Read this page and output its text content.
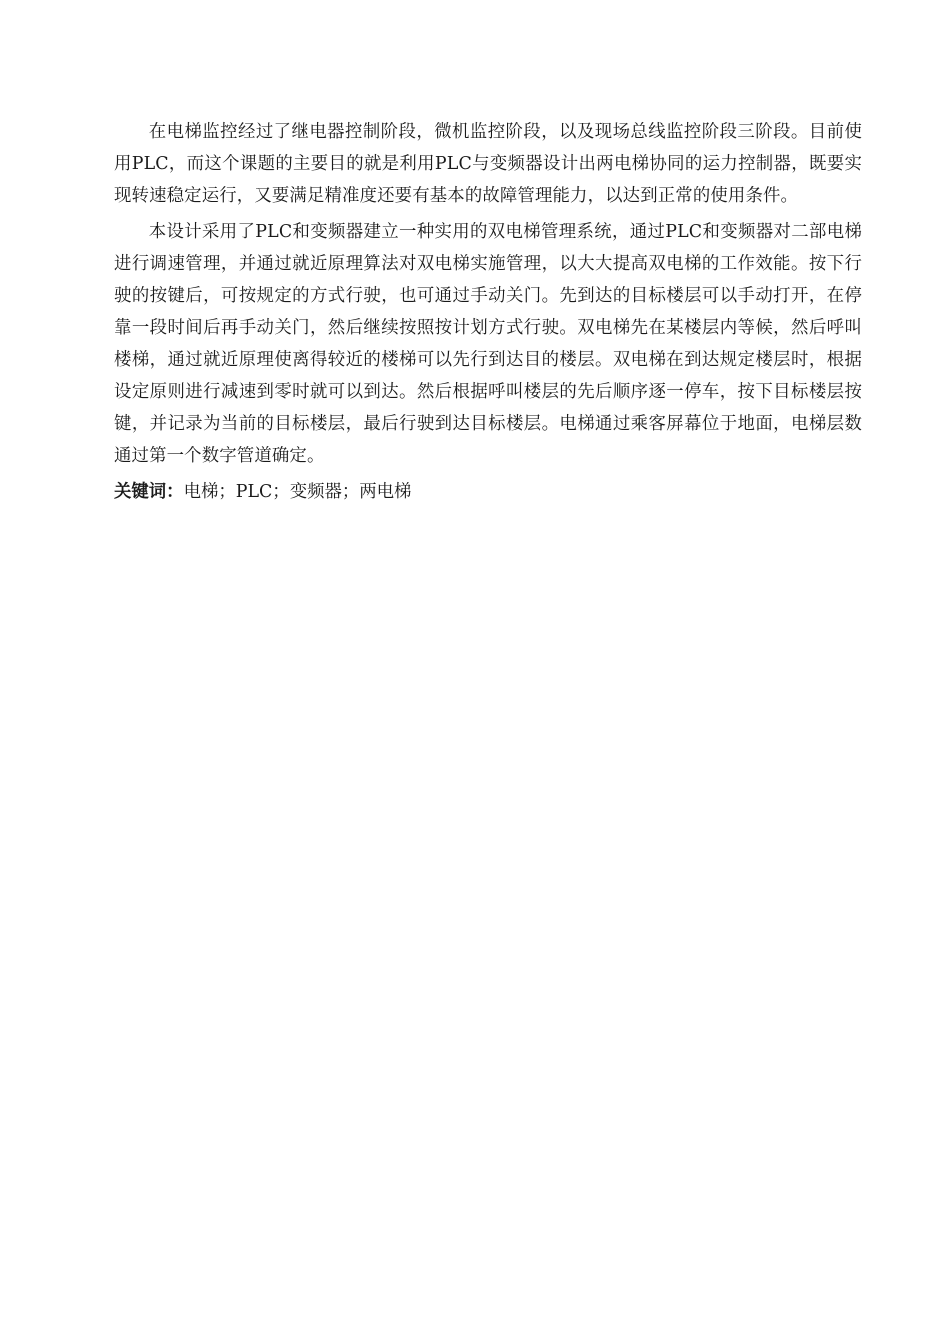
在电梯监控经过了继电器控制阶段，微机监控阶段，以及现场总线监控阶段三阶段。目前使用PLC，而这个课题的主要目的就是利用PLC与变频器设计出两电梯协同的运力控制器，既要实现转速稳定运行，又要满足精准度还要有基本的故障管理能力，以达到正常的使用条件。

本设计采用了PLC和变频器建立一种实用的双电梯管理系统，通过PLC和变频器对二部电梯进行调速管理，并通过就近原理算法对双电梯实施管理，以大大提高双电梯的工作效能。按下行驶的按键后，可按规定的方式行驶，也可通过手动关门。先到达的目标楼层可以手动打开，在停靠一段时间后再手动关门，然后继续按照按计划方式行驶。双电梯先在某楼层内等候，然后呼叫楼梯，通过就近原理使离得较近的楼梯可以先行到达目的楼层。双电梯在到达规定楼层时，根据设定原则进行减速到零时就可以到达。然后根据呼叫楼层的先后顺序逐一停车，按下目标楼层按键，并记录为当前的目标楼层，最后行驶到达目标楼层。电梯通过乘客屏幕位于地面，电梯层数通过第一个数字管道确定。

关键词：电梯；PLC；变频器；两电梯
